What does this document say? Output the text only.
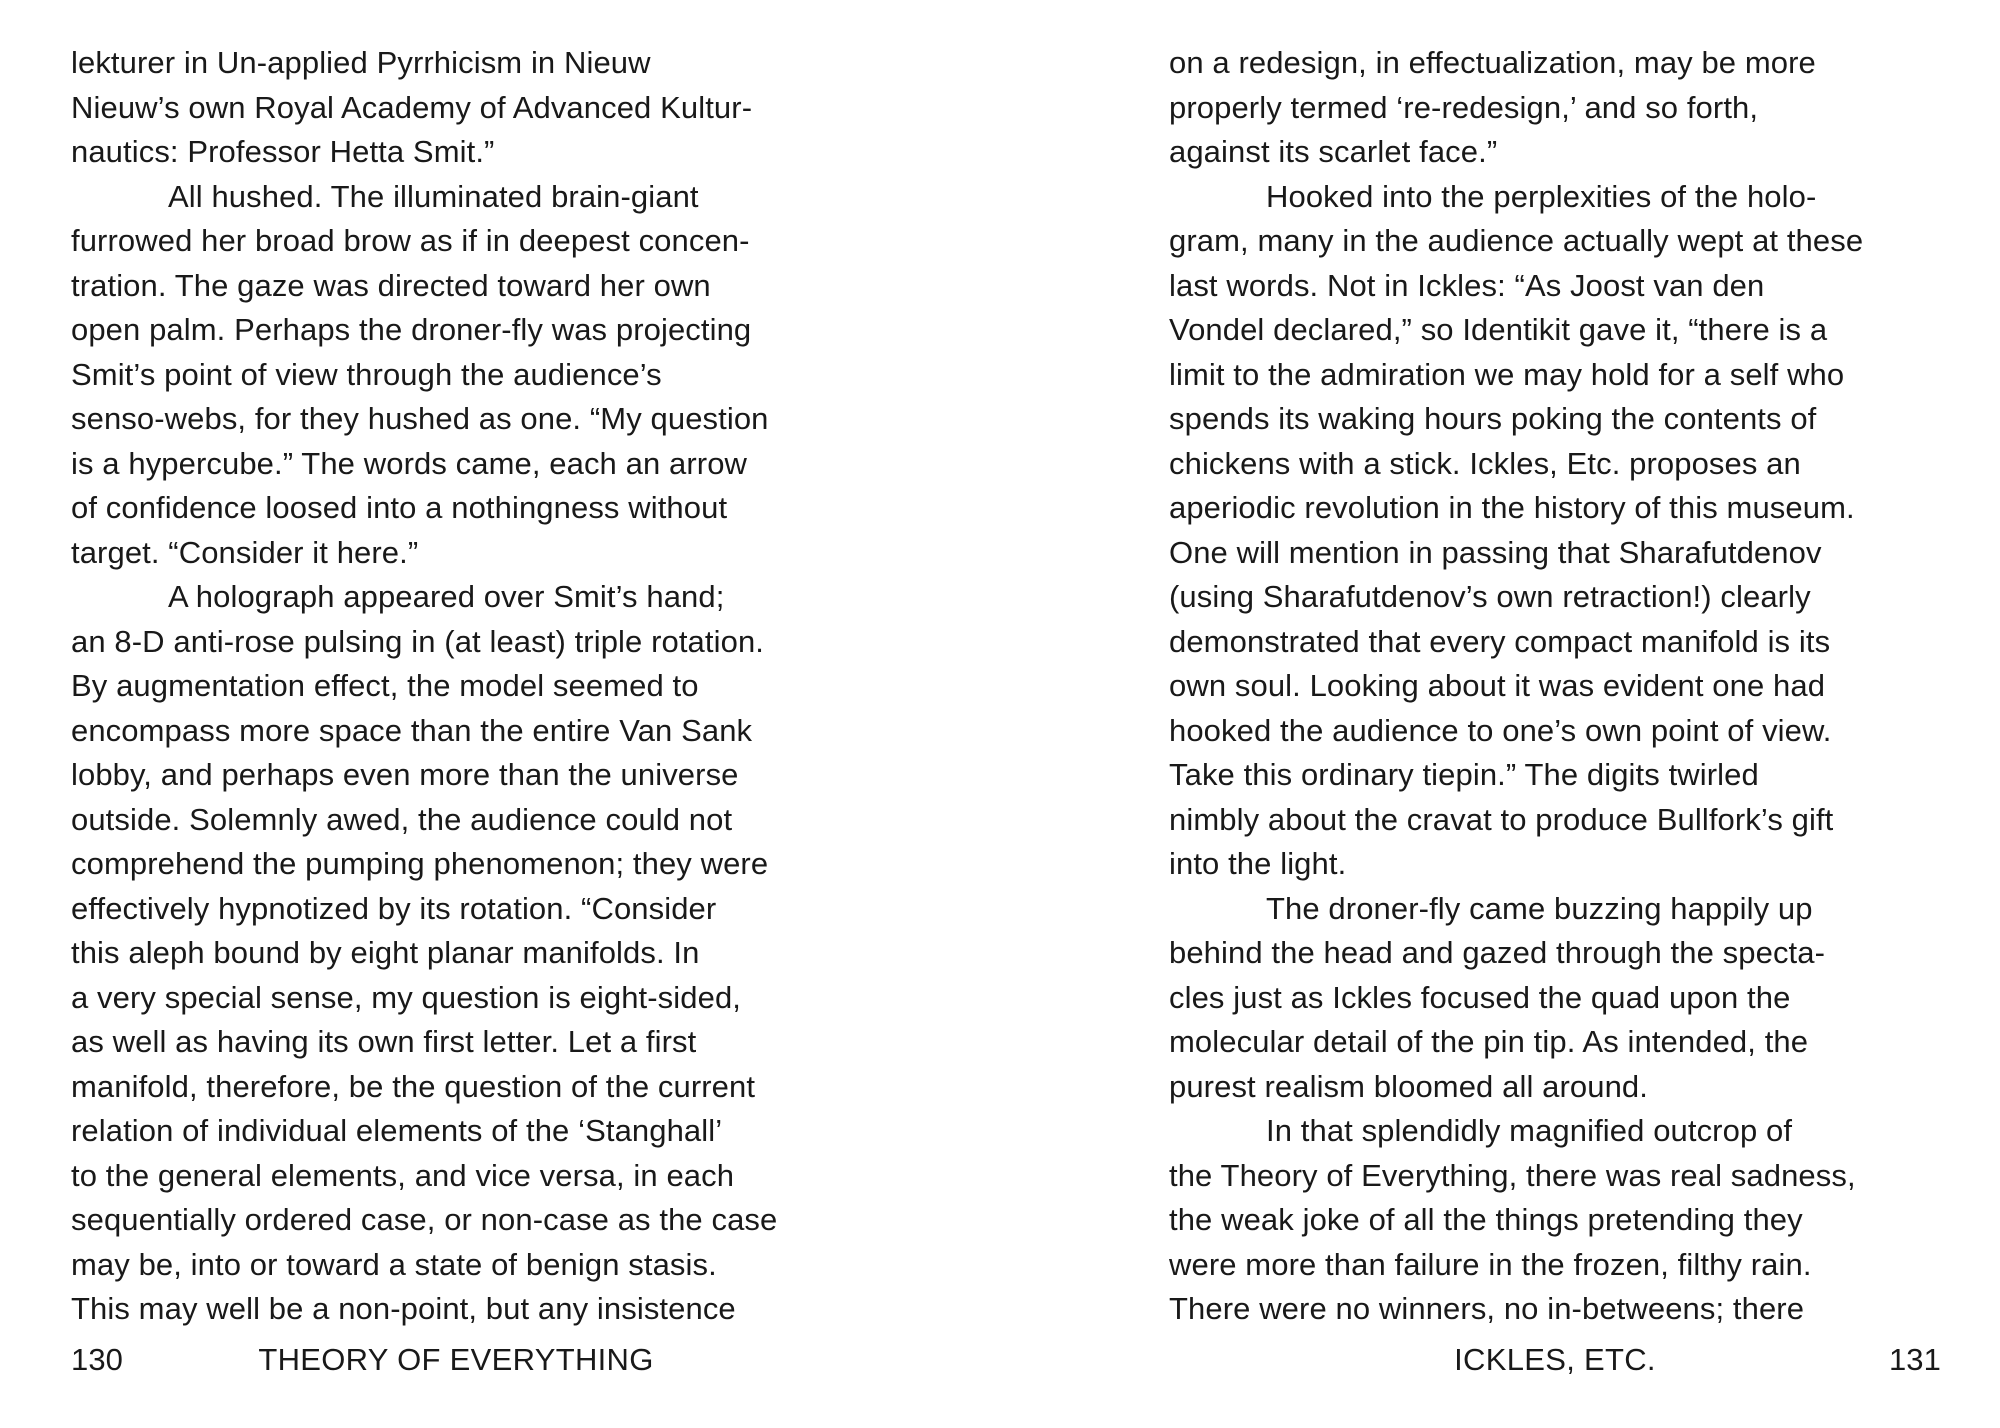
lekturer in Un-applied Pyrrhicism in Nieuw
Nieuw’s own Royal Academy of Advanced Kultur-
nautics: Professor Hetta Smit.”
All hushed. The illuminated brain-giant
furrowed her broad brow as if in deepest concen-
tration. The gaze was directed toward her own
open palm. Perhaps the droner-fly was projecting
Smit’s point of view through the audience’s
senso-webs, for they hushed as one. “My question
is a hypercube.” The words came, each an arrow
of confidence loosed into a nothingness without
target. “Consider it here.”
A holograph appeared over Smit’s hand;
an 8-D anti-rose pulsing in (at least) triple rotation.
By augmentation effect, the model seemed to
encompass more space than the entire Van Sank
lobby, and perhaps even more than the universe
outside. Solemnly awed, the audience could not
comprehend the pumping phenomenon; they were
effectively hypnotized by its rotation. “Consider
this aleph bound by eight planar manifolds. In
a very special sense, my question is eight-sided,
as well as having its own first letter. Let a first
manifold, therefore, be the question of the current
relation of individual elements of the ‘Stanghall’
to the general elements, and vice versa, in each
sequentially ordered case, or non-case as the case
may be, into or toward a state of benign stasis.
This may well be a non-point, but any insistence
130	THEORY OF EVERYTHING
on a redesign, in effectualization, may be more
properly termed ‘re-redesign,’ and so forth,
against its scarlet face.”
Hooked into the perplexities of the holo-
gram, many in the audience actually wept at these
last words. Not in Ickles: “As Joost van den
Vondel declared,” so Identikit gave it, “there is a
limit to the admiration we may hold for a self who
spends its waking hours poking the contents of
chickens with a stick. Ickles, Etc. proposes an
aperiodic revolution in the history of this museum.
One will mention in passing that Sharafutdenov
(using Sharafutdenov’s own retraction!) clearly
demonstrated that every compact manifold is its
own soul. Looking about it was evident one had
hooked the audience to one’s own point of view.
Take this ordinary tiepin.” The digits twirled
nimbly about the cravat to produce Bullfork’s gift
into the light.
The droner-fly came buzzing happily up
behind the head and gazed through the specta-
cles just as Ickles focused the quad upon the
molecular detail of the pin tip. As intended, the
purest realism bloomed all around.
In that splendidly magnified outcrop of
the Theory of Everything, there was real sadness,
the weak joke of all the things pretending they
were more than failure in the frozen, filthy rain.
There were no winners, no in-betweens; there
ICKLES, ETC.	131
